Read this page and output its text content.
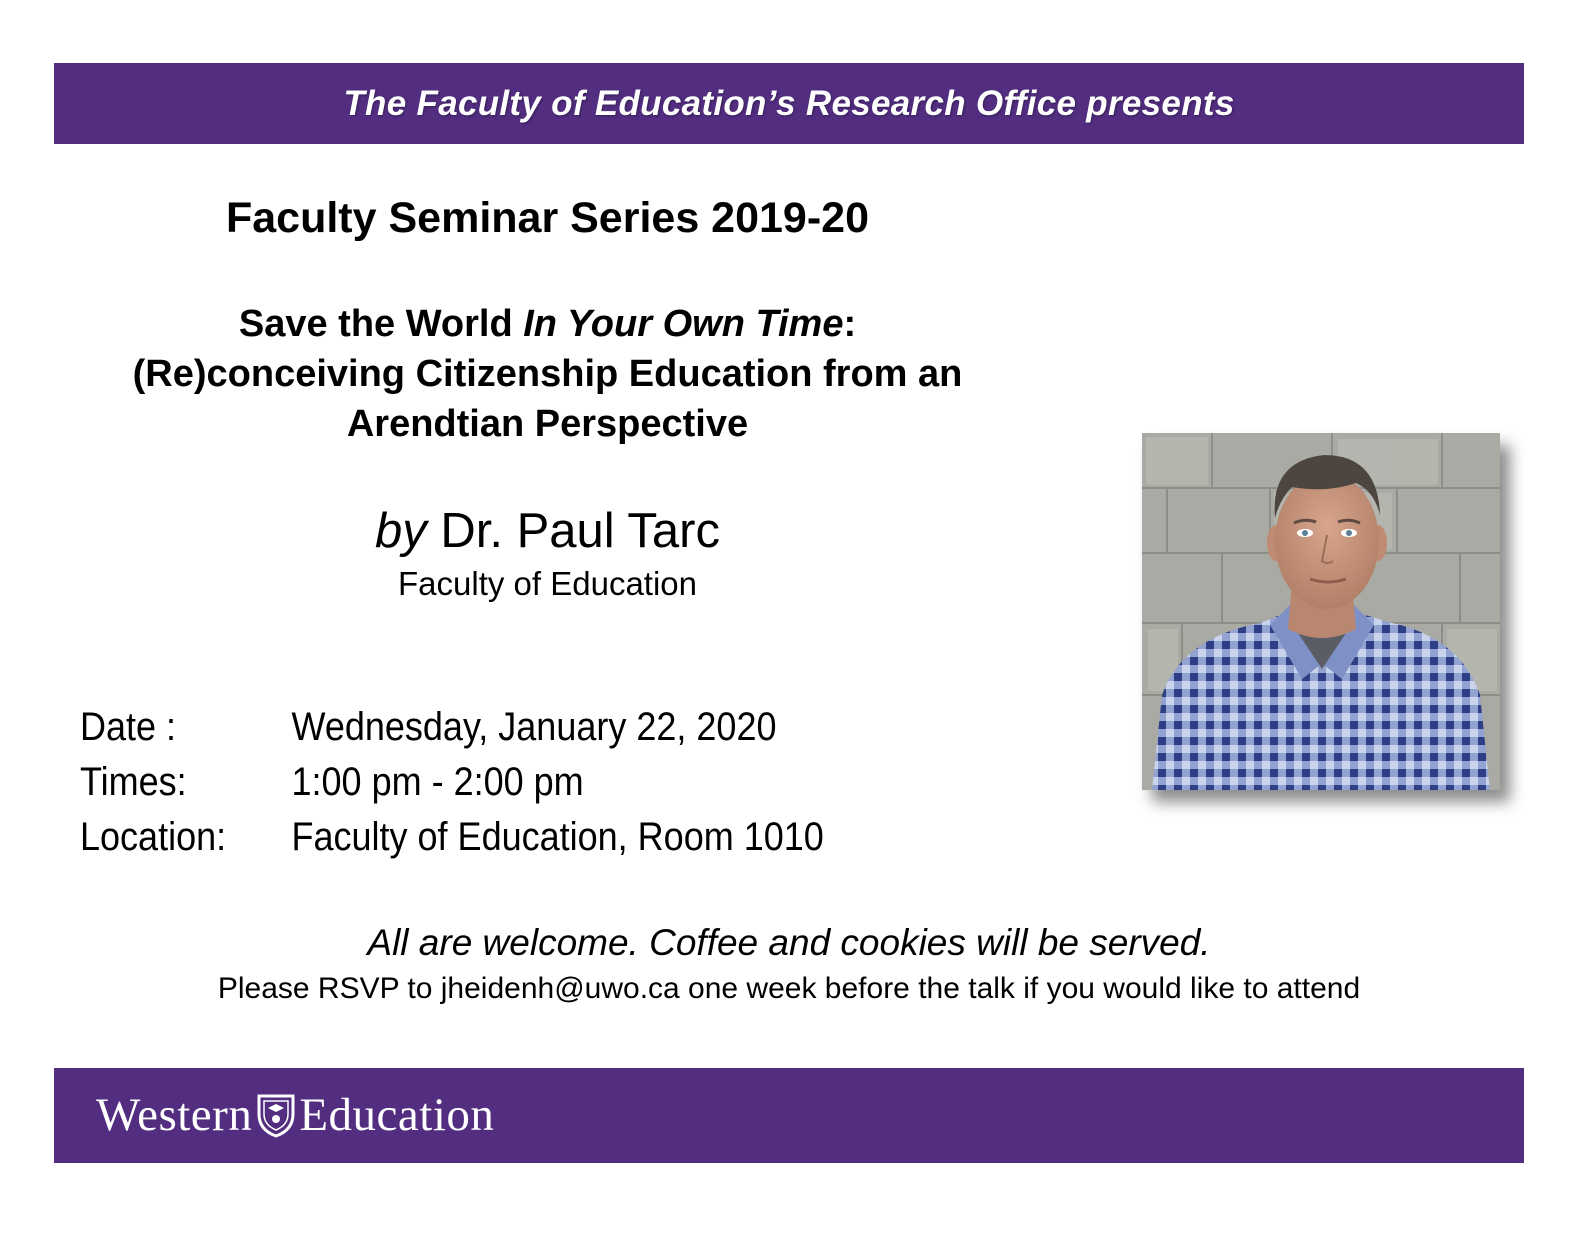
The Faculty of Education’s Research Office presents
Faculty Seminar Series 2019-20
Save the World In Your Own Time:
(Re)conceiving Citizenship Education from an
Arendtian Perspective
by Dr. Paul Tarc
Faculty of Education
Date :	Wednesday, January 22, 2020
Times:	1:00 pm - 2:00 pm
Location:	Faculty of Education, Room 1010
All are welcome. Coffee and cookies will be served.
Please RSVP to jheidenh@uwo.ca one week before the talk if you would like to attend
Western Education
